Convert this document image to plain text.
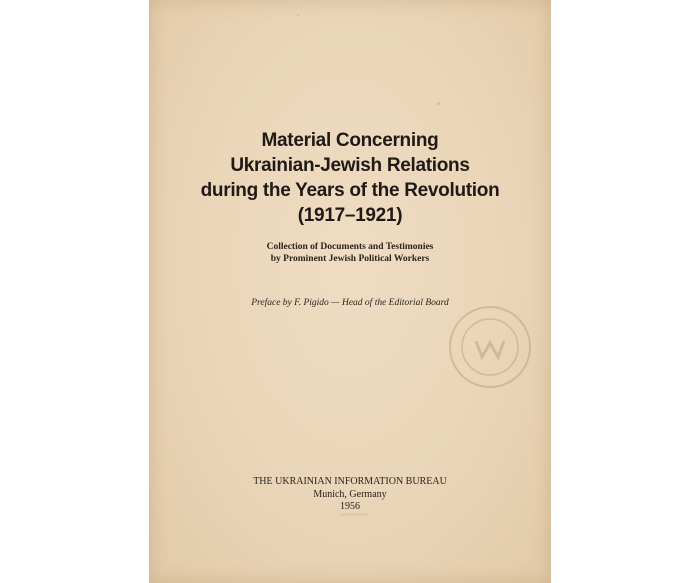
Material Concerning
Ukrainian-Jewish Relations
during the Years of the Revolution
(1917–1921)
Collection of Documents and Testimonies
by Prominent Jewish Political Workers
Preface by F. Pigido — Head of the Editorial Board
THE UKRAINIAN INFORMATION BUREAU
Munich, Germany
1956
